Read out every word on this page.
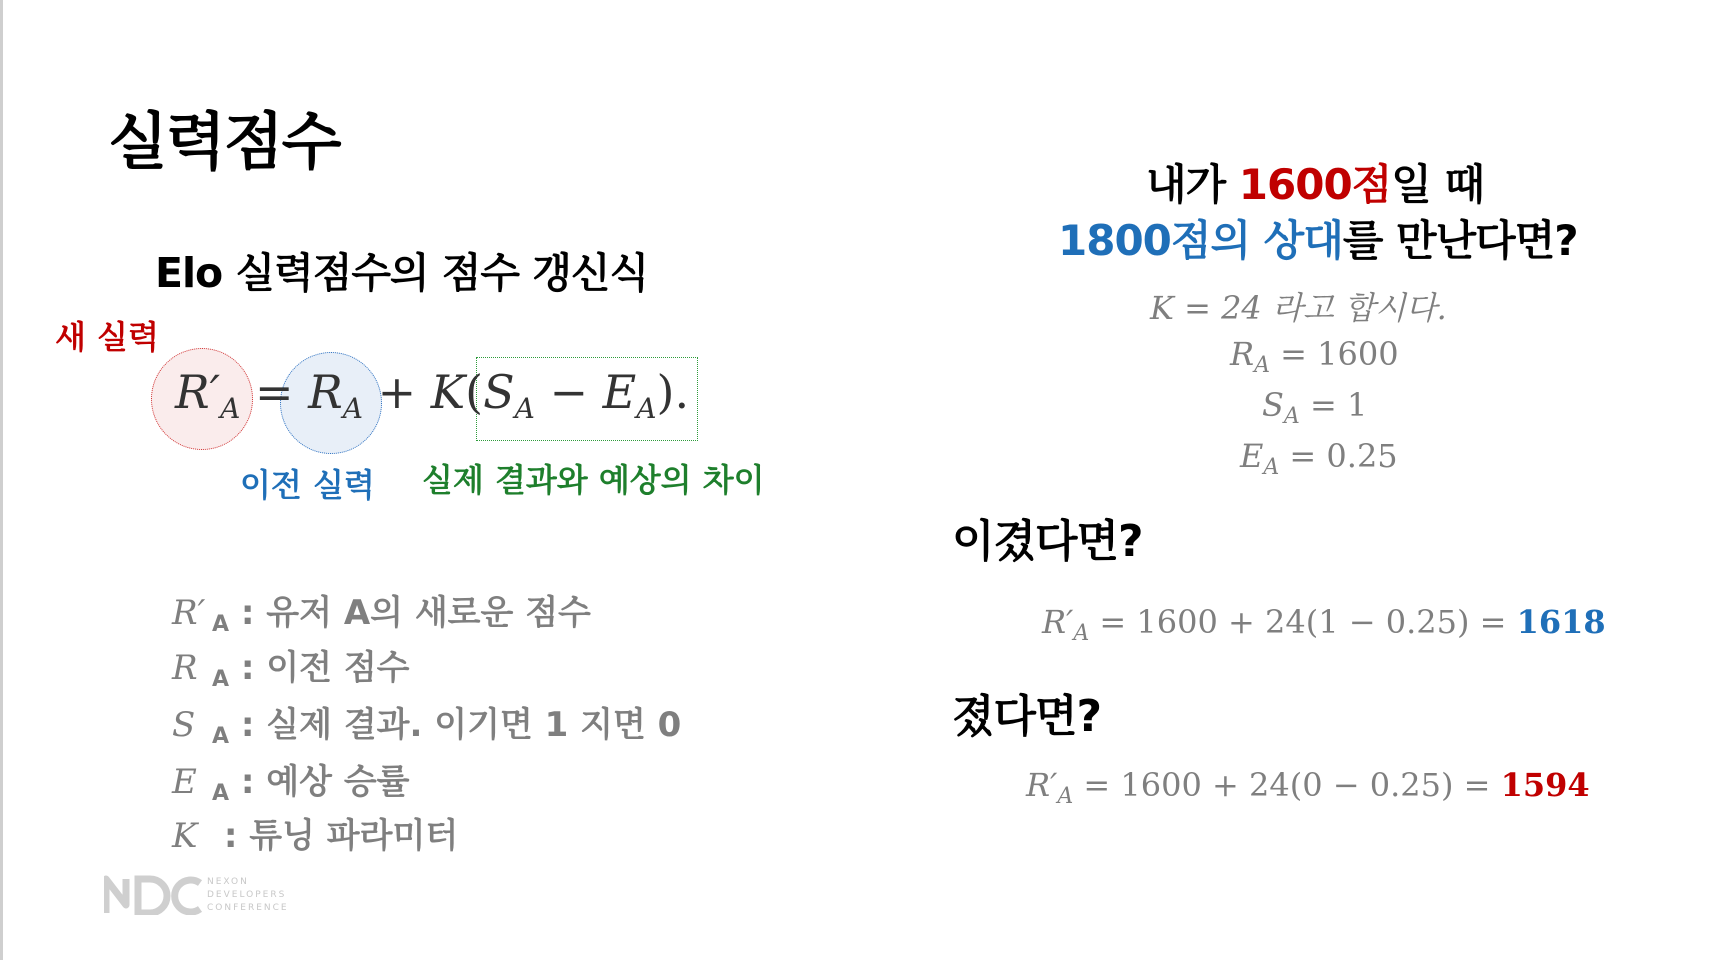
실력점수
Elo 실력점수의 점수 갱신식
새 실력
$R'_A = R_A + K(S_A - E_A)$.
이전 실력 실제 결과와 예상의 차이
R′ $_A$ : 유저 A의 새로운 점수
R $_A$ : 이전 점수
S $_A$ : 실제 결과. 이기면 1 지면 0
E $_A$ : 예상 승률
K : 튜닝 파라미터
내가 1600점일 때
1800점의 상대를 만난다면?
K = 24 라고 합시다.
$R_A = 1600$
$S_A = 1$
$E_A = 0.25$
이겼다면?
$R'_A = 1600 + 24(1 - 0.25) = 1618$
졌다면?
$R'_A = 1600 + 24(0 - 0.25) = 1594$
NEXON
DEVELOPERS
CONFERENCE
